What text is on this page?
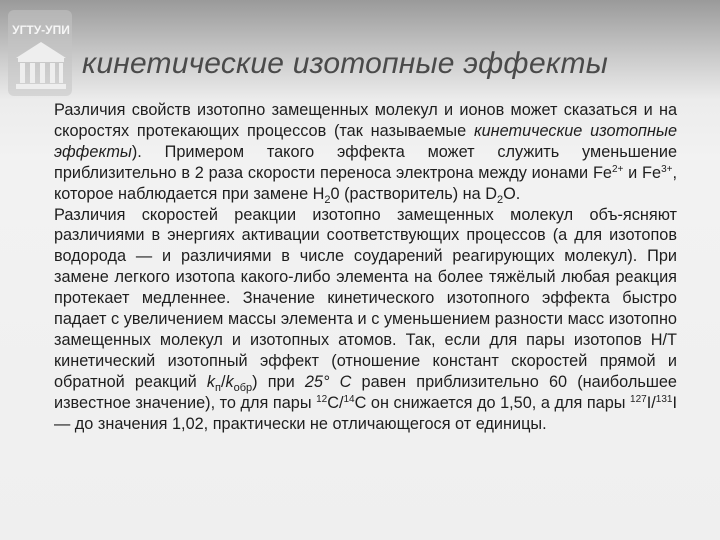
УГТУ-УПИ
кинетические изотопные эффекты

Различия свойств изотопно замещенных молекул и ионов может сказаться и на скоростях протекающих процессов (так называемые кинетические изотопные эффекты). Примером такого эффекта может служить уменьшение приблизительно в 2 раза скорости переноса электрона между ионами $Fe^{2+}$ и $Fe^{3+}$, которое наблюдается при замене $H_20$ (растворитель) на $D_2O$.

Различия скоростей реакции изотопно замещенных молекул объ-ясняют различиями в энергиях активации соответствующих процессов (а для изотопов водорода — и различиями в числе соударений реагирующих молекул). При замене легкого изотопа какого-либо элемента на более тяжёлый любая реакция протекает медленнее. Значение кинетического изотопного эффекта быстро падает с увеличением массы элемента и с уменьшением разности масс изотопно замещенных молекул и изотопных атомов. Так, если для пары изотопов H/T кинетический изотопный эффект (отношение констант скоростей прямой и обратной реакций $k_п/k_{обр}$) при 25° C равен приблизительно 60 (наибольшее известное значение), то для пары $^{12}$C/$^{14}$C он снижается до 1,50, а для пары $^{127}$I/$^{131}$I — до значения 1,02, практически не отличающегося от единицы.
